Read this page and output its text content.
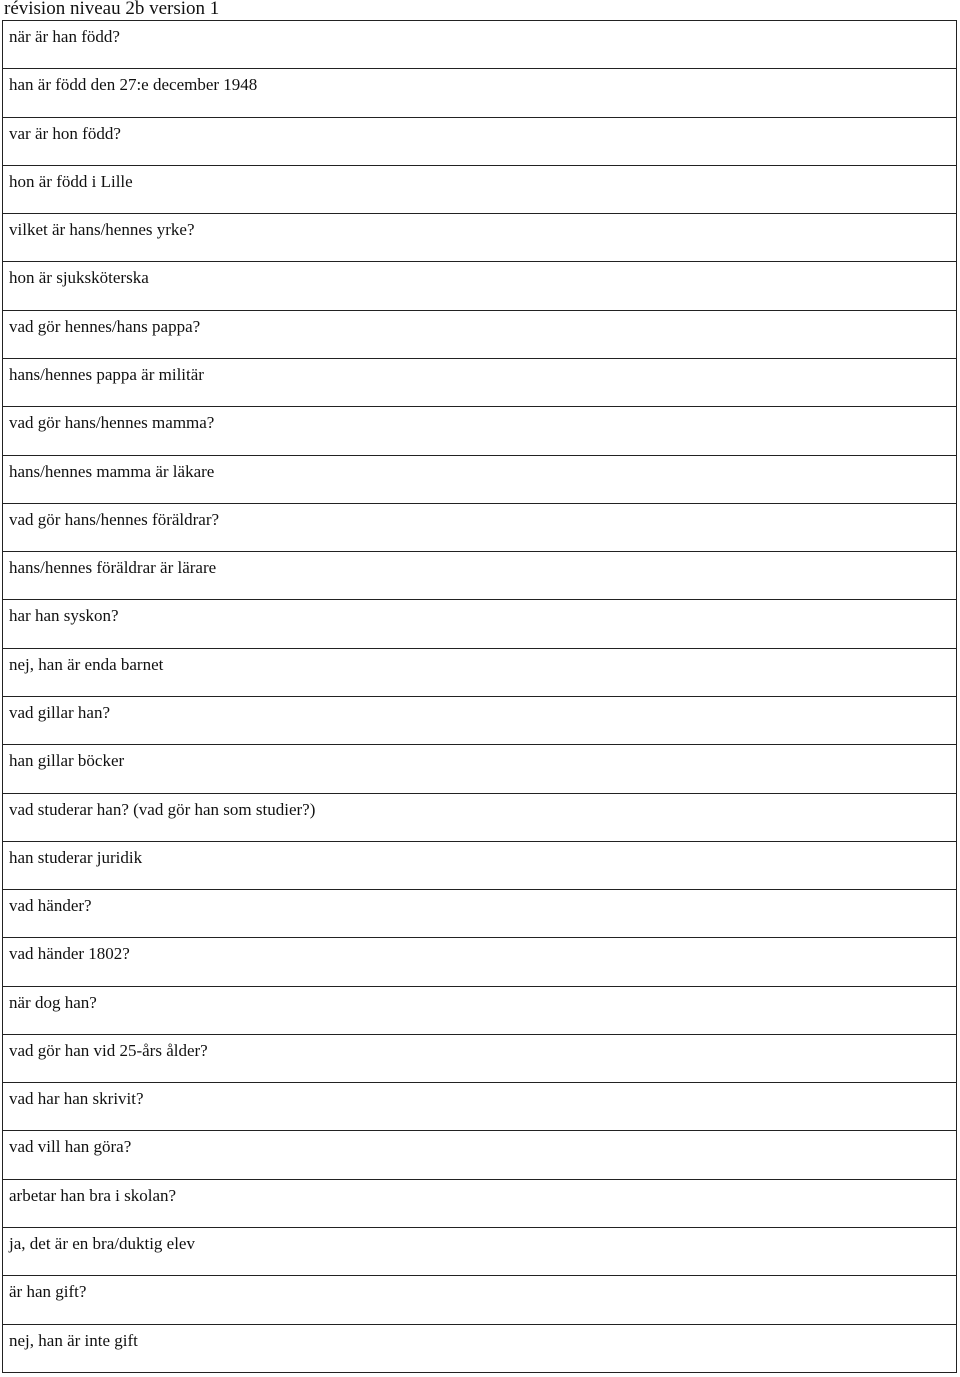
révision niveau 2b version 1
när är han född?
han är född den 27:e december 1948
var är hon född?
hon är född i Lille
vilket är hans/hennes yrke?
hon är sjuksköterska
vad gör hennes/hans pappa?
hans/hennes pappa är militär
vad gör hans/hennes mamma?
hans/hennes mamma är läkare
vad gör hans/hennes föräldrar?
hans/hennes föräldrar är lärare
har han syskon?
nej, han är enda barnet
vad gillar han?
han gillar böcker
vad studerar han? (vad gör han som studier?)
han studerar juridik
vad händer?
vad händer 1802?
när dog han?
vad gör han vid 25-års ålder?
vad har han skrivit?
vad vill han göra?
arbetar han bra i skolan?
ja, det är en bra/duktig elev
är han gift?
nej, han är inte gift
